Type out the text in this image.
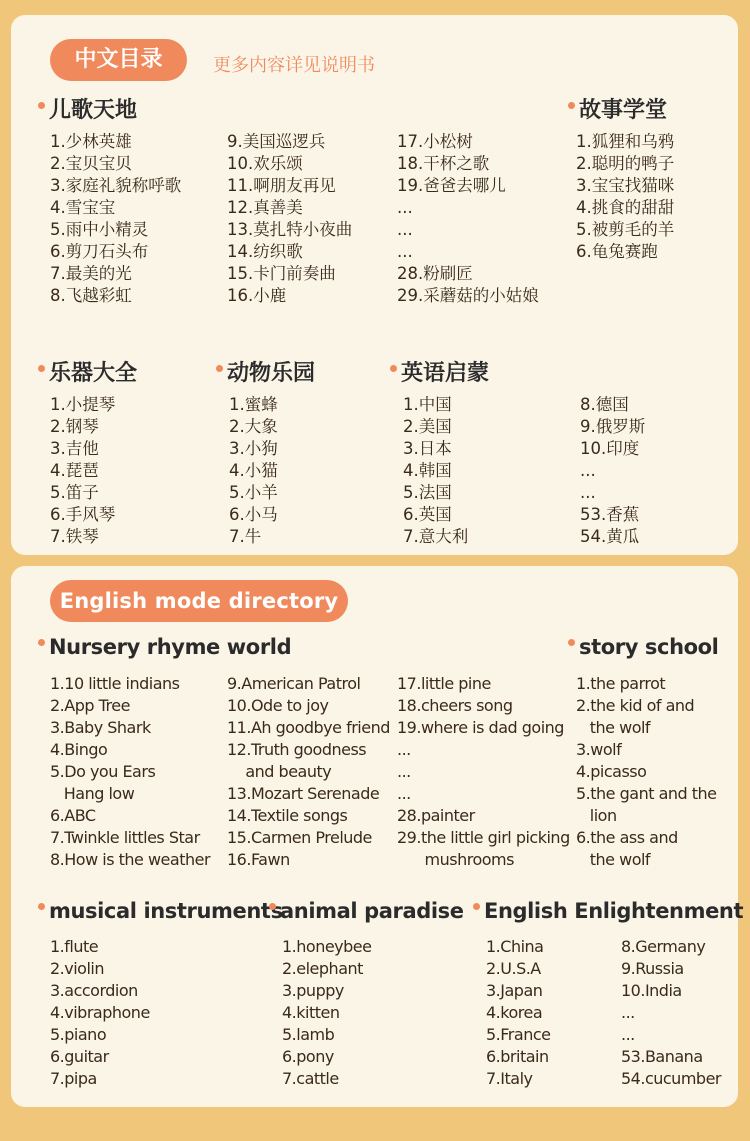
中文目录	更多内容详见说明书
儿歌天地
1.少林英雄
2.宝贝宝贝
3.家庭礼貌称呼歌
4.雪宝宝
5.雨中小精灵
6.剪刀石头布
7.最美的光
8.飞越彩虹
9.美国巡逻兵
10.欢乐颂
11.啊朋友再见
12.真善美
13.莫扎特小夜曲
14.纺织歌
15.卡门前奏曲
16.小鹿
17.小松树
18.干杯之歌
19.爸爸去哪儿
...
...
...
28.粉刷匠
29.采蘑菇的小姑娘
故事学堂
1.狐狸和乌鸦
2.聪明的鸭子
3.宝宝找猫咪
4.挑食的甜甜
5.被剪毛的羊
6.龟兔赛跑
乐器大全
1.小提琴
2.钢琴
3.吉他
4.琵琶
5.笛子
6.手风琴
7.铁琴
动物乐园
1.蜜蜂
2.大象
3.小狗
4.小猫
5.小羊
6.小马
7.牛
英语启蒙
1.中国
2.美国
3.日本
4.韩国
5.法国
6.英国
7.意大利
8.德国
9.俄罗斯
10.印度
...
...
53.香蕉
54.黄瓜
English mode directory
Nursery rhyme world
1.10 little indians
2.App Tree
3.Baby Shark
4.Bingo
5.Do you Ears
Hang low
6.ABC
7.Twinkle littles Star
8.How is the weather
9.American Patrol
10.Ode to joy
11.Ah goodbye friend
12.Truth goodness
and beauty
13.Mozart Serenade
14.Textile songs
15.Carmen Prelude
16.Fawn
17.little pine
18.cheers song
19.where is dad going
...
...
...
28.painter
29.the little girl picking
mushrooms
story school
1.the parrot
2.the kid of and
the wolf
3.wolf
4.picasso
5.the gant and the
lion
6.the ass and
the wolf
musical instruments
1.flute
2.violin
3.accordion
4.vibraphone
5.piano
6.guitar
7.pipa
animal paradise
1.honeybee
2.elephant
3.puppy
4.kitten
5.lamb
6.pony
7.cattle
English Enlightenment
1.China
2.U.S.A
3.Japan
4.korea
5.France
6.britain
7.Italy
8.Germany
9.Russia
10.India
...
...
53.Banana
54.cucumber
